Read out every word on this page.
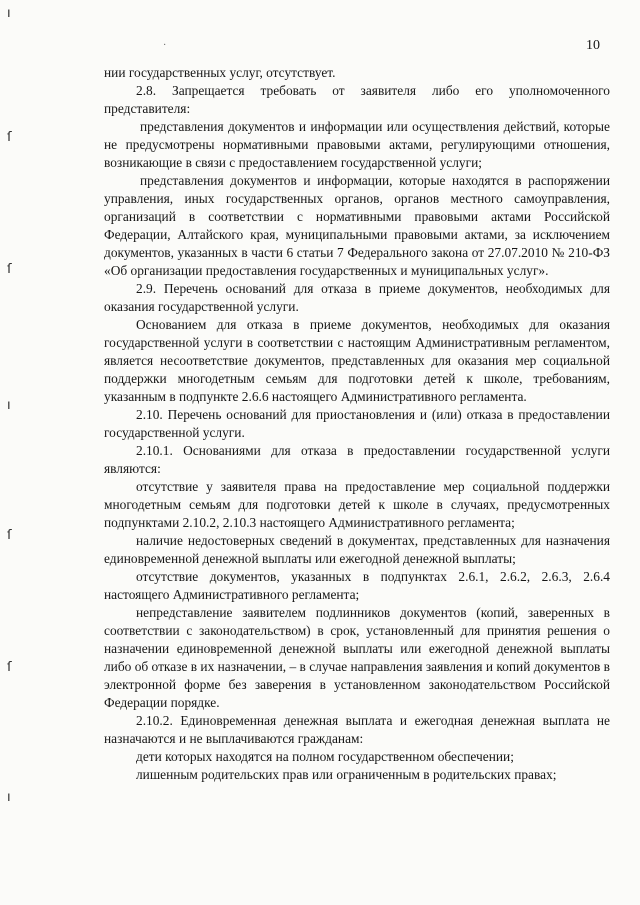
10
·
ı
ſ
ſ
ı
ſ
ſ
ı

нии государственных услуг, отсутствует.

2.8. Запрещается требовать от заявителя либо его уполномоченного представителя:

представления документов и информации или осуществления действий, которые не предусмотрены нормативными правовыми актами, регулирующими отношения, возникающие в связи с предоставлением государственной услуги;

представления документов и информации, которые находятся в распоряжении управления, иных государственных органов, органов местного самоуправления, организаций в соответствии с нормативными правовыми актами Российской Федерации, Алтайского края, муниципальными правовыми актами, за исключением документов, указанных в части 6 статьи 7 Федерального закона от 27.07.2010 № 210-ФЗ «Об организации предоставления государственных и муниципальных услуг».

2.9. Перечень оснований для отказа в приеме документов, необходимых для оказания государственной услуги.

Основанием для отказа в приеме документов, необходимых для оказания государственной услуги в соответствии с настоящим Административным регламентом, является несоответствие документов, представленных для оказания мер социальной поддержки многодетным семьям для подготовки детей к школе, требованиям, указанным в подпункте 2.6.6 настоящего Административного регламента.

2.10. Перечень оснований для приостановления и (или) отказа в предоставлении государственной услуги.

2.10.1. Основаниями для отказа в предоставлении государственной услуги являются:

отсутствие у заявителя права на предоставление мер социальной поддержки многодетным семьям для подготовки детей к школе в случаях, предусмотренных подпунктами 2.10.2, 2.10.3 настоящего Административного регламента;

наличие недостоверных сведений в документах, представленных для назначения единовременной денежной выплаты или ежегодной денежной выплаты;

отсутствие документов, указанных в подпунктах 2.6.1, 2.6.2, 2.6.3, 2.6.4 настоящего Административного регламента;

непредставление заявителем подлинников документов (копий, заверенных в соответствии с законодательством) в срок, установленный для принятия решения о назначении единовременной денежной выплаты или ежегодной денежной выплаты либо об отказе в их назначении, – в случае направления заявления и копий документов в электронной форме без заверения в установленном законодательством Российской Федерации порядке.

2.10.2. Единовременная денежная выплата и ежегодная денежная выплата не назначаются и не выплачиваются гражданам:

дети которых находятся на полном государственном обеспечении;

лишенным родительских прав или ограниченным в родительских правах;
